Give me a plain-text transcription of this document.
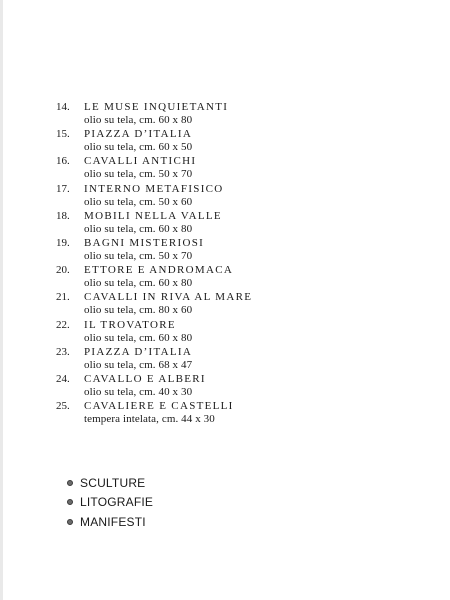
14.	LE MUSE INQUIETANTI
olio su tela, cm. 60 x 80
15.	PIAZZA D’ITALIA
olio su tela, cm. 60 x 50
16.	CAVALLI ANTICHI
olio su tela, cm. 50 x 70
17.	INTERNO METAFISICO
olio su tela, cm. 50 x 60
18.	MOBILI NELLA VALLE
olio su tela, cm. 60 x 80
19.	BAGNI MISTERIOSI
olio su tela, cm. 50 x 70
20.	ETTORE E ANDROMACA
olio su tela, cm. 60 x 80
21.	CAVALLI IN RIVA AL MARE
olio su tela, cm. 80 x 60
22.	IL TROVATORE
olio su tela, cm. 60 x 80
23.	PIAZZA D’ITALIA
olio su tela, cm. 68 x 47
24.	CAVALLO E ALBERI
olio su tela, cm. 40 x 30
25.	CAVALIERE E CASTELLI
tempera intelata, cm. 44 x 30
SCULTURE
LITOGRAFIE
MANIFESTI
